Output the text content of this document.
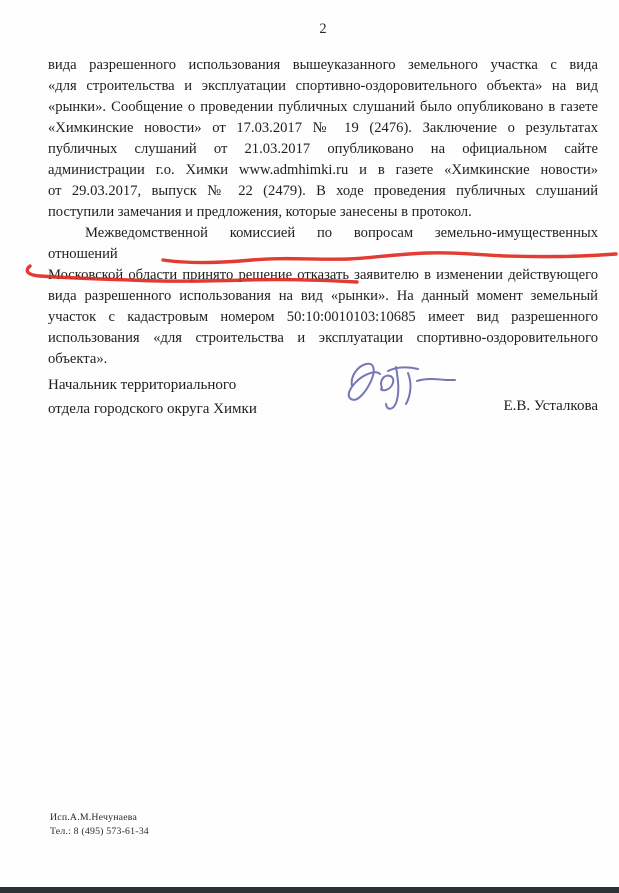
2
вида разрешенного использования вышеуказанного земельного участка с вида
«для строительства и эксплуатации спортивно-оздоровительного объекта» на вид
«рынки». Сообщение о проведении публичных слушаний было опубликовано в газете
«Химкинские новости» от 17.03.2017 № 19 (2476). Заключение о результатах
публичных слушаний от 21.03.2017 опубликовано на официальном сайте
администрации г.о. Химки www.admhimki.ru и в газете «Химкинские новости»
от 29.03.2017, выпуск № 22 (2479). В ходе проведения публичных слушаний
поступили замечания и предложения, которые занесены в протокол.
Межведомственной комиссией по вопросам земельно-имущественных отношений
Московской области принято решение отказать заявителю в изменении действующего
вида разрешенного использования на вид «рынки». На данный момент земельный
участок с кадастровым номером 50:10:0010103:10685 имеет вид разрешенного
использования «для строительства и эксплуатации спортивно-оздоровительного
объекта».
Начальник территориального
отдела городского округа Химки	Е.В. Усталкова
Исп.А.М.Нечунаева
Тел.: 8 (495) 573-61-34
